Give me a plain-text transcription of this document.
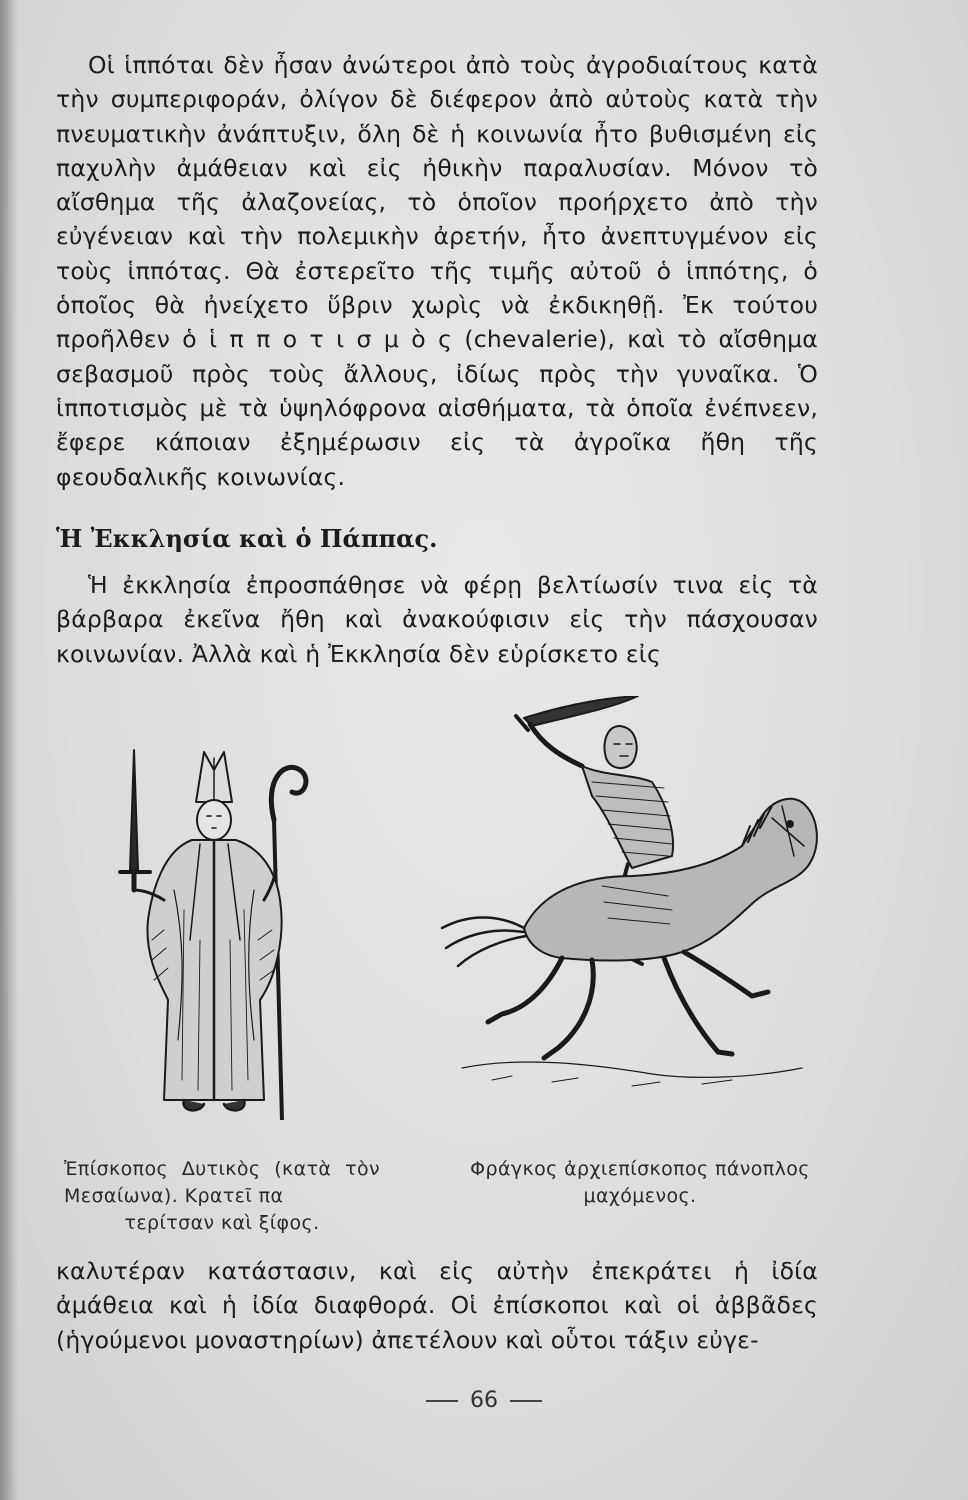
Οἱ ἱππόται δὲν ἦσαν ἀνώτεροι ἀπὸ τοὺς ἀγροδιαίτους κατὰ τὴν συμπεριφοράν, ὀλίγον δὲ διέφερον ἀπὸ αὐτοὺς κατὰ τὴν πνευματικὴν ἀνάπτυξιν, ὅλη δὲ ἡ κοινωνία ἦτο βυθισμένη εἰς παχυλὴν ἀμάθειαν καὶ εἰς ἠθικὴν παραλυσίαν. Μόνον τὸ αἴσθημα τῆς ἀλαζονείας, τὸ ὁποῖον προήρχετο ἀπὸ τὴν εὐγένειαν καὶ τὴν πολεμικὴν ἀρετήν, ἦτο ἀνεπτυγμένον εἰς τοὺς ἱππότας. Θὰ ἐστερεῖτο τῆς τιμῆς αὐτοῦ ὁ ἱππότης, ὁ ὁποῖος θὰ ἠνείχετο ὕβριν χωρὶς νὰ ἐκδικηθῇ. Ἐκ τούτου προῆλθεν ὁ ἱ π π ο τ ι σ μ ὸ ς (chevalerie), καὶ τὸ αἴσθημα σεβασμοῦ πρὸς τοὺς ἄλλους, ἰδίως πρὸς τὴν γυναῖκα. Ὁ ἱπποτισμὸς μὲ τὰ ὑψηλόφρονα αἰσθήματα, τὰ ὁποῖα ἐνέπνεεν, ἔφερε κάποιαν ἐξημέρωσιν εἰς τὰ ἀγροῖκα ἤθη τῆς φεουδαλικῆς κοινωνίας.

Ἡ Ἐκκλησία καὶ ὁ Πάππας.

Ἡ ἐκκλησία ἐπροσπάθησε νὰ φέρῃ βελτίωσίν τινα εἰς τὰ βάρβαρα ἐκεῖνα ἤθη καὶ ἀνακούφισιν εἰς τὴν πάσχουσαν κοινωνίαν. Ἀλλὰ καὶ ἡ Ἐκκλησία δὲν εὑρίσκετο εἰς

Ἐπίσκοπος Δυτικὸς (κατὰ τὸν Μεσαίωνα). Κρατεῖ πα
τερίτσαν καὶ ξίφος.
Φράγκος ἀρχιεπίσκοπος πάνοπλος μαχόμενος.

καλυτέραν κατάστασιν, καὶ εἰς αὐτὴν ἐπεκράτει ἡ ἰδία ἀμάθεια καὶ ἡ ἰδία διαφθορά. Οἱ ἐπίσκοποι καὶ οἱ ἀββᾶδες (ἡγούμενοι μοναστηρίων) ἀπετέλουν καὶ οὗτοι τάξιν εὐγε-

66
